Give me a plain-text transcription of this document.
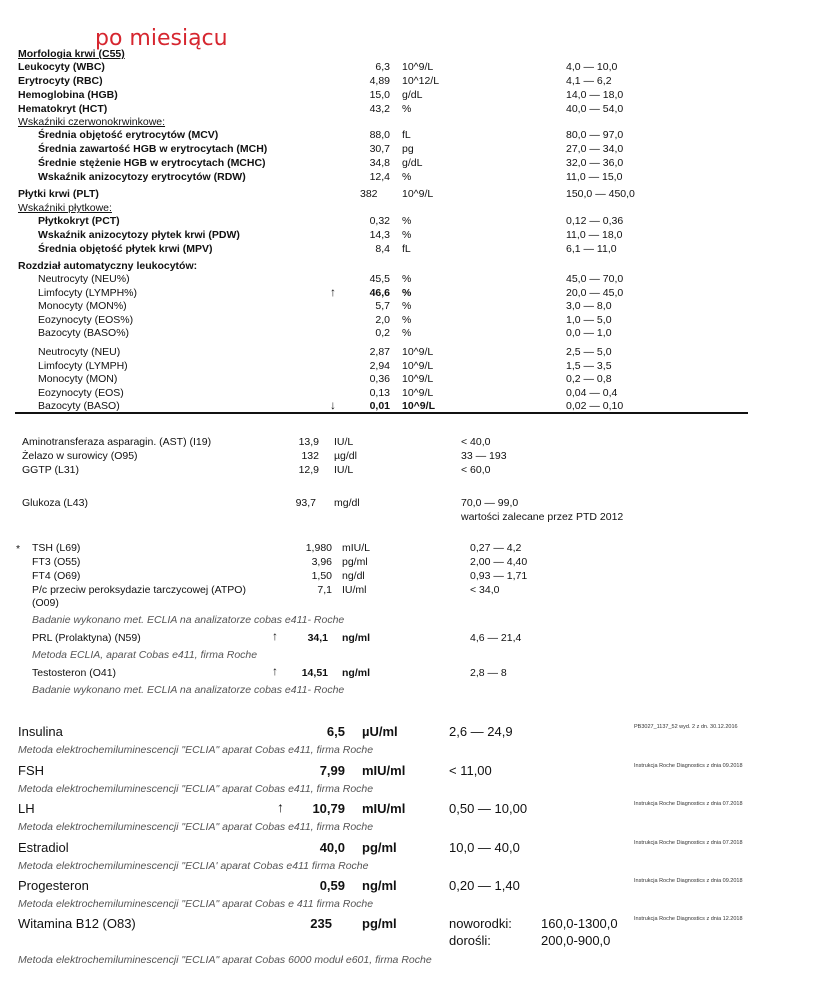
po miesiącu
Morfologia krwi (C55)
Leukocyty (WBC)	6,3 10^9/L	4,0 — 10,0
Erytrocyty (RBC)	4,89 10^12/L	4,1 — 6,2
Hemoglobina (HGB)	15,0 g/dL	14,0 — 18,0
Hematokryt (HCT)	43,2 %	40,0 — 54,0
Wskaźniki czerwonokrwinkowe:
Średnia objętość erytrocytów (MCV)	88,0 fL	80,0 — 97,0
Średnia zawartość HGB w erytrocytach (MCH)	30,7 pg	27,0 — 34,0
Średnie stężenie HGB w erytrocytach (MCHC)	34,8 g/dL	32,0 — 36,0
Wskaźnik anizocytozy erytrocytów (RDW)	12,4 %	11,0 — 15,0
Płytki krwi (PLT)	382 10^9/L	150,0 — 450,0
Wskaźniki płytkowe:
Płytkokryt (PCT)	0,32 %	0,12 — 0,36
Wskaźnik anizocytozy płytek krwi (PDW)	14,3 %	11,0 — 18,0
Średnia objętość płytek krwi (MPV)	8,4 fL	6,1 — 11,0
Rozdział automatyczny leukocytów:
Neutrocyty (NEU%)	45,5 %	45,0 — 70,0
Limfocyty (LYMPH%)	↑	46,6 %	20,0 — 45,0
Monocyty (MON%)	5,7 %	3,0 — 8,0
Eozynocyty (EOS%)	2,0 %	1,0 — 5,0
Bazocyty (BASO%)	0,2 %	0,0 — 1,0
Neutrocyty (NEU)	2,87 10^9/L	2,5 — 5,0
Limfocyty (LYMPH)	2,94 10^9/L	1,5 — 3,5
Monocyty (MON)	0,36 10^9/L	0,2 — 0,8
Eozynocyty (EOS)	0,13 10^9/L	0,04 — 0,4
Bazocyty (BASO)	↓	0,01 10^9/L	0,02 — 0,10
Aminotransferaza asparagin. (AST) (I19)	13,9 IU/L	< 40,0
Żelazo w surowicy (O95)	132 µg/dl	33 — 193
GGTP (L31)	12,9 IU/L	< 60,0
Glukoza (L43)	93,7 mg/dl	70,0 — 99,0
wartości zalecane przez PTD 2012
* TSH (L69)	1,980 mIU/L	0,27 — 4,2
FT3 (O55)	3,96 pg/ml	2,00 — 4,40
FT4 (O69)	1,50 ng/dl	0,93 — 1,71
P/c przeciw peroksydazie tarczycowej (ATPO)	7,1 IU/ml	< 34,0
(O09)
Badanie wykonano met. ECLIA na analizatorze cobas e411- Roche
PRL (Prolaktyna) (N59)	↑	34,1 ng/ml	4,6 — 21,4
Metoda ECLIA, aparat Cobas e411, firma Roche
Testosteron (O41)	↑	14,51 ng/ml	2,8 — 8
Badanie wykonano met. ECLIA na analizatorze cobas e411- Roche
Insulina	6,5 µU/ml	2,6 — 24,9	PB3027_1137_52 wyd. 2 z dn. 30.12.2016
Metoda elektrochemiluminescencji "ECLIA" aparat Cobas e411, firma Roche
FSH	7,99 mIU/ml	< 11,00	Instrukcja Roche Diagnostics z dnia 09.2018
Metoda elektrochemiluminescencji "ECLIA" aparat Cobas e411, firma Roche
LH	↑	10,79 mIU/ml	0,50 — 10,00	Instrukcja Roche Diagnostics z dnia 07.2018
Metoda elektrochemiluminescencji "ECLIA" aparat Cobas e411, firma Roche
Estradiol	40,0 pg/ml	10,0 — 40,0	Instrukcja Roche Diagnostics z dnia 07.2018
Metoda elektrochemiluminescencji "ECLIA' aparat Cobas e411 firma Roche
Progesteron	0,59 ng/ml	0,20 — 1,40	Instrukcja Roche Diagnostics z dnia 09.2018
Metoda elektrochemiluminescencji "ECLIA" aparat Cobas e 411 firma Roche
Witamina B12 (O83)	235 pg/ml	noworodki: 160,0-1300,0
dorośli:	200,0-900,0
Instrukcja Roche Diagnostics z dnia 12.2018
Metoda elektrochemiluminescencji "ECLIA" aparat Cobas 6000 moduł e601, firma Roche
